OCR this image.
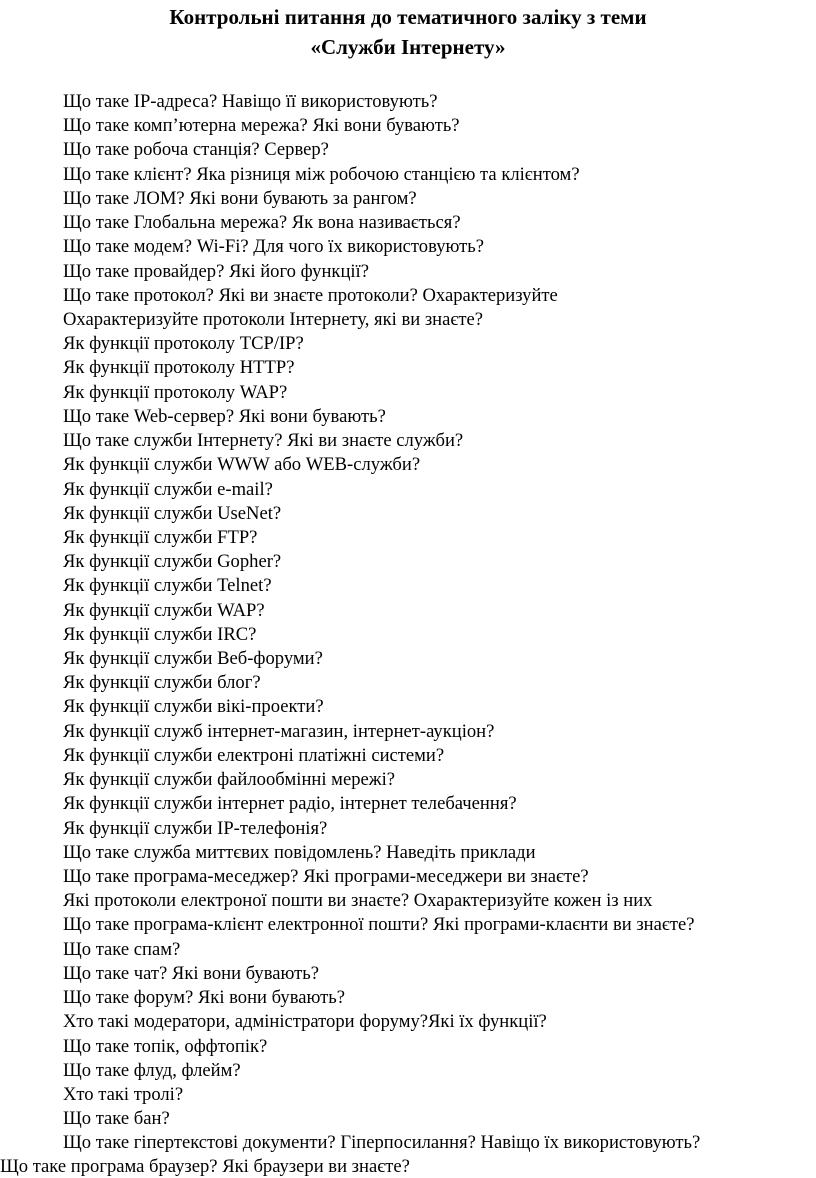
Контрольні питання до тематичного заліку з теми
«Служби Інтернету»
Що таке IP-адреса? Навіщо її використовують?
Що таке комп’ютерна мережа? Які вони бувають?
Що таке робоча станція? Сервер?
Що таке клієнт? Яка різниця між робочою станцією та клієнтом?
Що таке ЛОМ? Які вони бувають за рангом?
Що таке Глобальна мережа? Як вона називається?
Що таке модем? Wi-Fi? Для чого їх використовують?
Що таке провайдер? Які його функції?
Що таке протокол? Які ви знаєте протоколи? Охарактеризуйте
Охарактеризуйте протоколи Інтернету, які ви знаєте?
Як функції протоколу TCP/IP?
Як функції протоколу HTTP?
Як функції протоколу WAP?
Що таке Web-сервер? Які вони бувають?
Що таке служби Інтернету? Які ви знаєте служби?
Як функції служби WWW або WEB-служби?
Як функції служби e-mail?
Як функції служби UseNet?
Як функції служби FTP?
Як функції служби Gopher?
Як функції служби Telnet?
Як функції служби WAP?
Як функції служби IRC?
Як функції служби Веб-форуми?
Як функції служби блог?
Як функції служби вікі-проекти?
Як функції служб інтернет-магазин, інтернет-аукціон?
Як функції служби електроні платіжні системи?
Як функції служби файлообмінні мережі?
Як функції служби інтернет радіо, інтернет телебачення?
Як функції служби IP-телефонія?
Що таке служба миттєвих повідомлень? Наведіть приклади
Що таке програма-меседжер? Які програми-меседжери ви знаєте?
Які протоколи електроної пошти ви знаєте? Охарактеризуйте кожен із них
Що таке програма-клієнт електронної пошти? Які програми-клаєнти ви знаєте?
Що таке спам?
Що таке чат? Які вони бувають?
Що таке форум? Які вони бувають?
Хто такі модератори, адміністратори форуму?Які їх функції?
Що таке топік, оффтопік?
Що таке флуд, флейм?
Хто такі тролі?
Що таке бан?
Що таке гіпертекстові документи? Гіперпосилання? Навіщо їх використовують?

Що таке програма браузер? Які браузери ви знаєте?
